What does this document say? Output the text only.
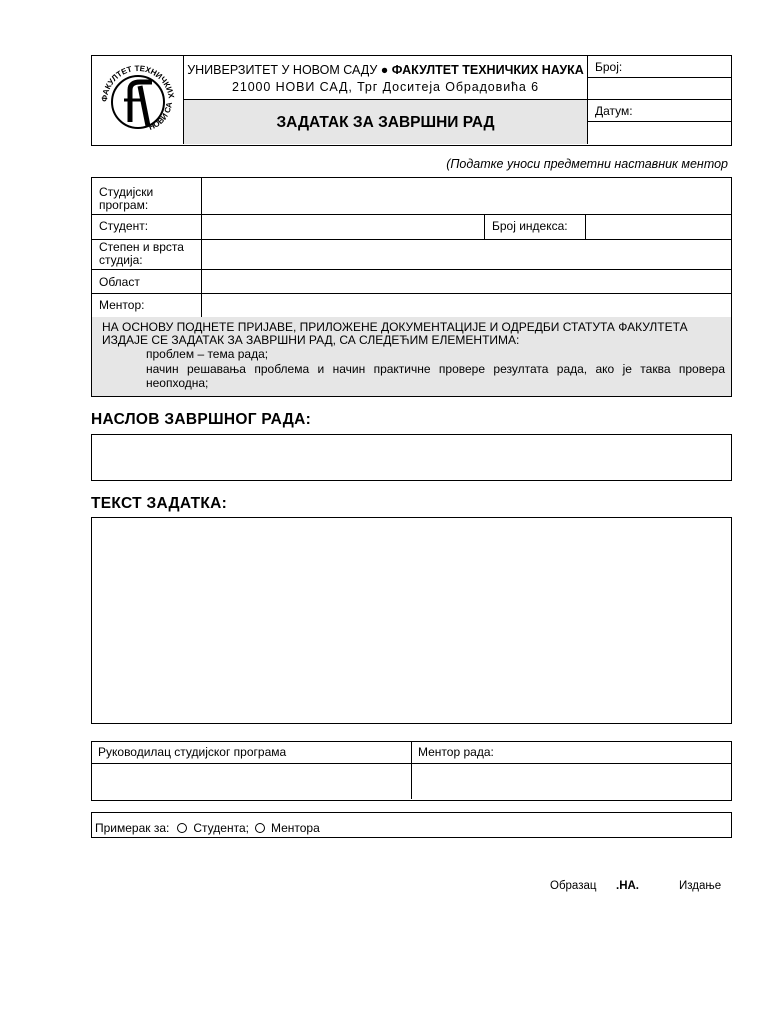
ФАКУЛТЕТ ТЕХНИЧКИХ
НОВИ СА
УНИВЕРЗИТЕТ У НОВОМ САДУ ● ФАКУЛТЕТ ТЕХНИЧКИХ НАУКА
21000 НОВИ САД, Трг Доситеја Обрадовића 6
ЗАДАТАК ЗА ЗАВРШНИ РАД
Број:
Датум:
(Податке уноси предметни наставник ментор
Студијски
програм:
Студент:	Број индекса:
Степен и врста
студија:
Област
Ментор:
НА ОСНОВУ ПОДНЕТЕ ПРИЈАВЕ, ПРИЛОЖЕНЕ ДОКУМЕНТАЦИЈЕ И ОДРЕДБИ СТАТУТА ФАКУЛТЕТА
ИЗДАЈЕ СЕ ЗАДАТАК ЗА ЗАВРШНИ РАД, СА СЛЕДЕЋИМ ЕЛЕМЕНТИМА:
проблем – тема рада;
начин решавања проблема и начин практичне провере резултата рада, ако је таква провера
неопходна;
НАСЛОВ ЗАВРШНОГ РАДА:
ТЕКСТ ЗАДАТКА:
Руководилац студијског програма	Ментор рада:
Примерак за: Студента; Ментора
Образац .НА.	Издање
